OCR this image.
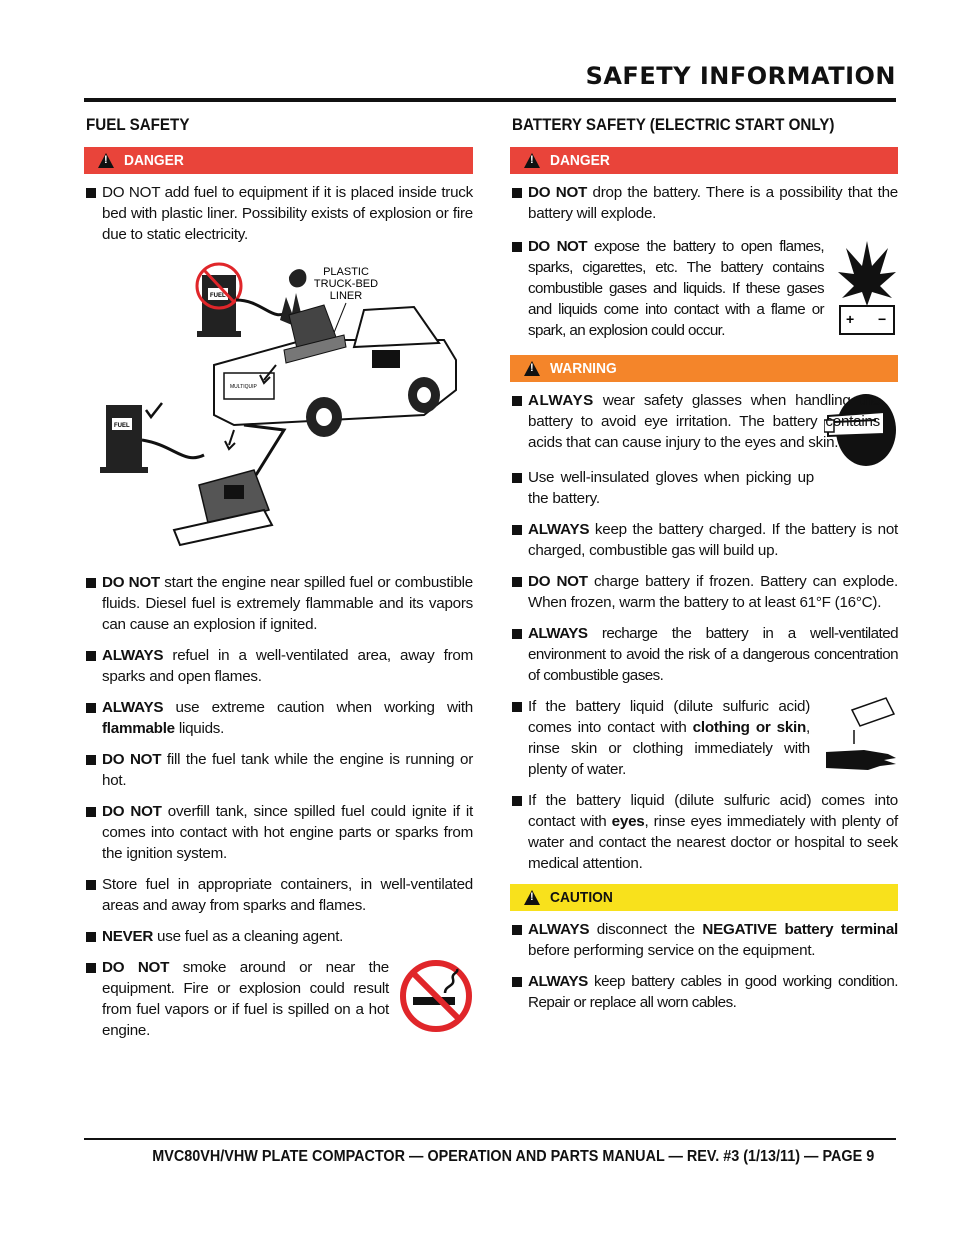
SAFETY INFORMATION
FUEL SAFETY
!
DANGER
DO NOT add fuel to equipment if it is placed inside truck bed with plastic liner. Possibility exists of explosion or fire due to static electricity.
FUEL
PLASTIC
TRUCK-BED
LINER
MULTIQUIP
FUEL
DO NOT start the engine near spilled fuel or combustible fluids. Diesel fuel is extremely flammable and its vapors can cause an explosion if ignited.
ALWAYS refuel in a well-ventilated area, away from sparks and open flames.
ALWAYS use extreme caution when working with flammable liquids.
DO NOT fill the fuel tank while the engine is running or hot.
DO NOT overfill tank, since spilled fuel could ignite if it comes into contact with hot engine parts or sparks from the ignition system.
Store fuel in appropriate containers, in well-ventilated areas and away from sparks and flames.
NEVER use fuel as a cleaning agent.
DO NOT smoke around or near the equipment. Fire or explosion could result from fuel vapors or if fuel is spilled on a hot engine.
BATTERY SAFETY (ELECTRIC START ONLY)
!
DANGER
DO NOT drop the battery. There is a possibility that the battery will explode.
DO NOT expose the battery to open flames, sparks, cigarettes, etc. The battery contains combustible gases and liquids. If these gases and liquids come into contact with a flame or spark, an explosion could occur.
+ −
!
WARNING
ALWAYS wear safety glasses when handling the battery to avoid eye irritation. The battery contains acids that can cause injury to the eyes and skin.
Use well-insulated gloves when picking up the battery.
ALWAYS keep the battery charged. If the battery is not charged, combustible gas will build up.
DO NOT charge battery if frozen. Battery can explode. When frozen, warm the battery to at least 61°F (16°C).
ALWAYS recharge the battery in a well-ventilated environment to avoid the risk of a dangerous concentration of combustible gases.
If the battery liquid (dilute sulfuric acid) comes into contact with clothing or skin, rinse skin or clothing immediately with plenty of water.
If the battery liquid (dilute sulfuric acid) comes into contact with eyes, rinse eyes immediately with plenty of water and contact the nearest doctor or hospital to seek medical attention.
!
CAUTION
ALWAYS disconnect the NEGATIVE battery terminal before performing service on the equipment.
ALWAYS keep battery cables in good working condition. Repair or replace all worn cables.
MVC80VH/VHW PLATE COMPACTOR — OPERATION AND PARTS MANUAL — REV. #3 (1/13/11) — PAGE 9
